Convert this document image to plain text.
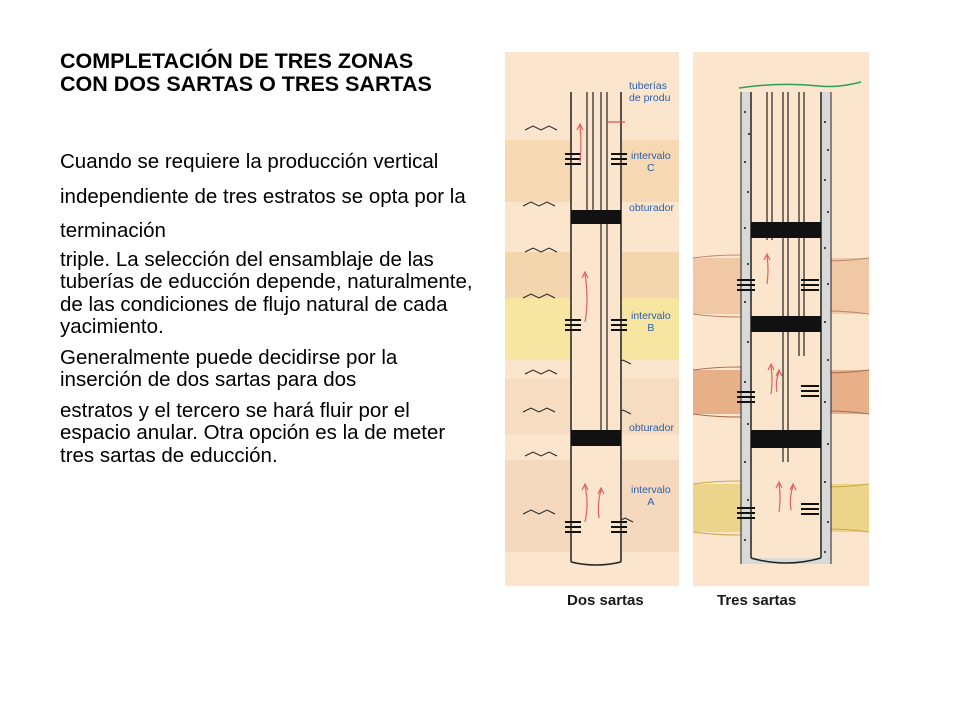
COMPLETACIÓN DE TRES ZONAS CON DOS SARTAS O TRES SARTAS

Cuando se requiere la producción vertical independiente de tres estratos se opta por la terminación

triple. La selección del ensamblaje de las tuberías de educción depende, naturalmente, de las condiciones de flujo natural de cada yacimiento.

Generalmente puede decidirse por la inserción de dos sartas para dos

estratos y el tercero se hará fluir por el espacio anular. Otra opción es la de meter tres sartas de educción.

tuberías
de produ
intervalo
C
obturador
intervalo
B
obturador
intervalo
A
Dos sartas	Tres sartas
